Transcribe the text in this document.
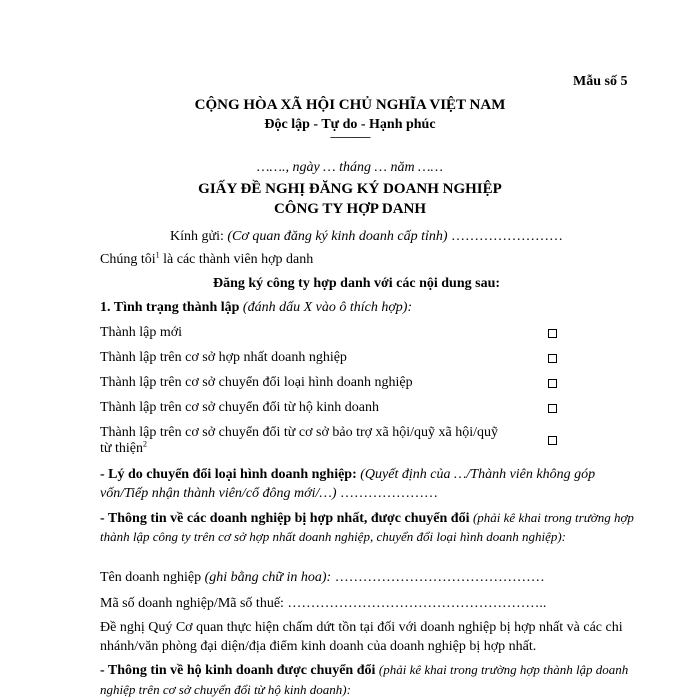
Mẫu số 5
CỘNG HÒA XÃ HỘI CHỦ NGHĨA VIỆT NAM
Độc lập - Tự do - Hạnh phúc
---------------
……., ngày … tháng … năm ……
GIẤY ĐỀ NGHỊ ĐĂNG KÝ DOANH NGHIỆP
CÔNG TY HỢP DANH
Kính gửi: (Cơ quan đăng ký kinh doanh cấp tỉnh) ……………………
Chúng tôi$^1$ là các thành viên hợp danh
Đăng ký công ty hợp danh với các nội dung sau:
1. Tình trạng thành lập (đánh dấu X vào ô thích hợp):
Thành lập mới
Thành lập trên cơ sở hợp nhất doanh nghiệp
Thành lập trên cơ sở chuyển đổi loại hình doanh nghiệp
Thành lập trên cơ sở chuyển đổi từ hộ kinh doanh
Thành lập trên cơ sở chuyển đổi từ cơ sở bảo trợ xã hội/quỹ xã hội/quỹ
từ thiện$^2$
- Lý do chuyển đổi loại hình doanh nghiệp: (Quyết định của …/Thành viên không góp vốn/Tiếp nhận thành viên/cổ đông mới/…) …………………
- Thông tin về các doanh nghiệp bị hợp nhất, được chuyển đổi (phải kê khai trong trường hợp thành lập công ty trên cơ sở hợp nhất doanh nghiệp, chuyển đổi loại hình doanh nghiệp):
Tên doanh nghiệp (ghi bằng chữ in hoa): ………………………………………
Mã số doanh nghiệp/Mã số thuế: ………………………………………………..
Đề nghị Quý Cơ quan thực hiện chấm dứt tồn tại đối với doanh nghiệp bị hợp nhất và các chi nhánh/văn phòng đại diện/địa điểm kinh doanh của doanh nghiệp bị hợp nhất.
- Thông tin về hộ kinh doanh được chuyển đổi (phải kê khai trong trường hợp thành lập doanh nghiệp trên cơ sở chuyển đổi từ hộ kinh doanh):
